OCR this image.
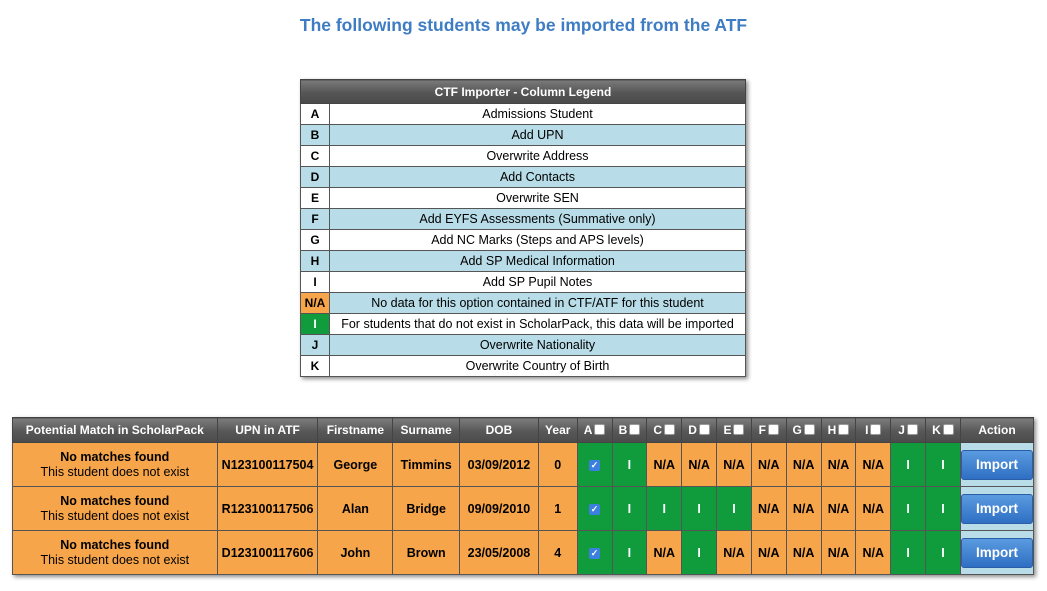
The following students may be imported from the ATF
CTF Importer - Column Legend	
A	Admissions Student
B	Add UPN
C	Overwrite Address
D	Add Contacts
E	Overwrite SEN
F	Add EYFS Assessments (Summative only)
G	Add NC Marks (Steps and APS levels)
H	Add SP Medical Information
I	Add SP Pupil Notes
N/A	No data for this option contained in CTF/ATF for this student
I	For students that do not exist in ScholarPack, this data will be imported
J	Overwrite Nationality
K	Overwrite Country of Birth
Potential Match in ScholarPack	UPN in ATF	Firstname	Surname	DOB	Year	A	B	C	D	E	F	G	H	I	J	K	Action

No matches found
This student does not exist	N123100117504	George	Timmins	03/09/2012	0	✓	I	N/A	N/A	N/A	N/A	N/A	N/A	N/A	I	I	Import

No matches found
This student does not exist	R123100117506	Alan	Bridge	09/09/2010	1	✓	I	I	I	I	N/A	N/A	N/A	N/A	I	I	Import

No matches found
This student does not exist	D123100117606	John	Brown	23/05/2008	4	✓	I	N/A	I	N/A	N/A	N/A	N/A	N/A	I	I	Import
